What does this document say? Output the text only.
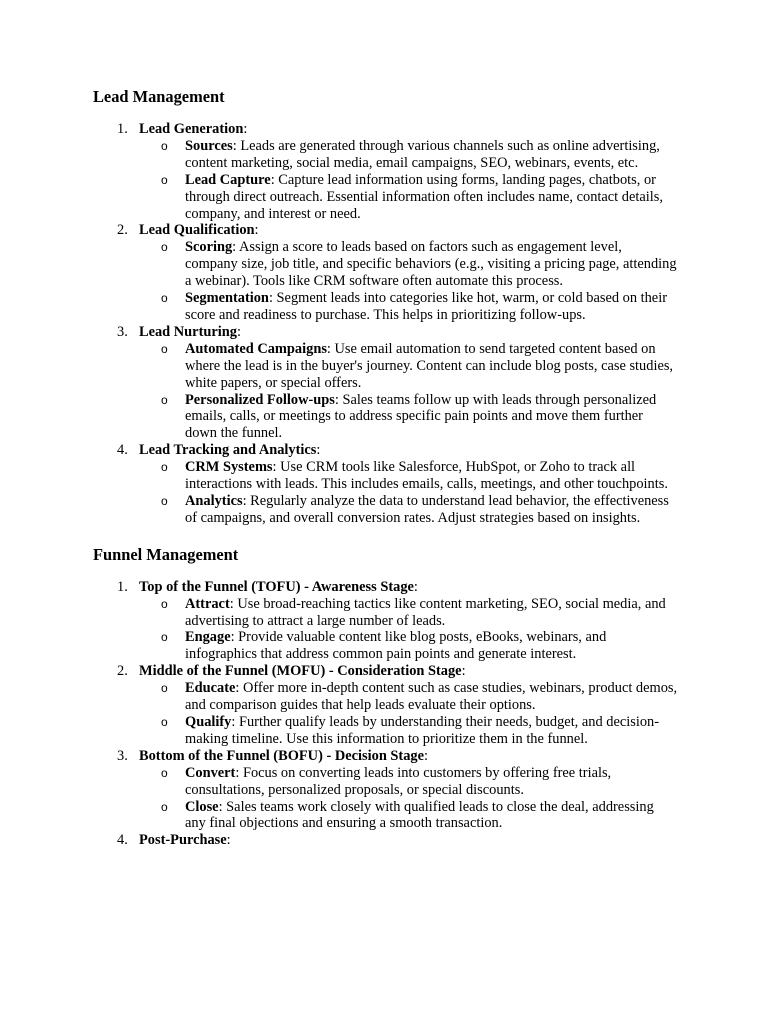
Lead Management
1. Lead Generation:
o Sources: Leads are generated through various channels such as online advertising, content marketing, social media, email campaigns, SEO, webinars, events, etc.
o Lead Capture: Capture lead information using forms, landing pages, chatbots, or through direct outreach. Essential information often includes name, contact details, company, and interest or need.
2. Lead Qualification:
o Scoring: Assign a score to leads based on factors such as engagement level, company size, job title, and specific behaviors (e.g., visiting a pricing page, attending a webinar). Tools like CRM software often automate this process.
o Segmentation: Segment leads into categories like hot, warm, or cold based on their score and readiness to purchase. This helps in prioritizing follow-ups.
3. Lead Nurturing:
o Automated Campaigns: Use email automation to send targeted content based on where the lead is in the buyer's journey. Content can include blog posts, case studies, white papers, or special offers.
o Personalized Follow-ups: Sales teams follow up with leads through personalized emails, calls, or meetings to address specific pain points and move them further down the funnel.
4. Lead Tracking and Analytics:
o CRM Systems: Use CRM tools like Salesforce, HubSpot, or Zoho to track all interactions with leads. This includes emails, calls, meetings, and other touchpoints.
o Analytics: Regularly analyze the data to understand lead behavior, the effectiveness of campaigns, and overall conversion rates. Adjust strategies based on insights.
Funnel Management
1. Top of the Funnel (TOFU) - Awareness Stage:
o Attract: Use broad-reaching tactics like content marketing, SEO, social media, and advertising to attract a large number of leads.
o Engage: Provide valuable content like blog posts, eBooks, webinars, and infographics that address common pain points and generate interest.
2. Middle of the Funnel (MOFU) - Consideration Stage:
o Educate: Offer more in-depth content such as case studies, webinars, product demos, and comparison guides that help leads evaluate their options.
o Qualify: Further qualify leads by understanding their needs, budget, and decision-making timeline. Use this information to prioritize them in the funnel.
3. Bottom of the Funnel (BOFU) - Decision Stage:
o Convert: Focus on converting leads into customers by offering free trials, consultations, personalized proposals, or special discounts.
o Close: Sales teams work closely with qualified leads to close the deal, addressing any final objections and ensuring a smooth transaction.
4. Post-Purchase:
